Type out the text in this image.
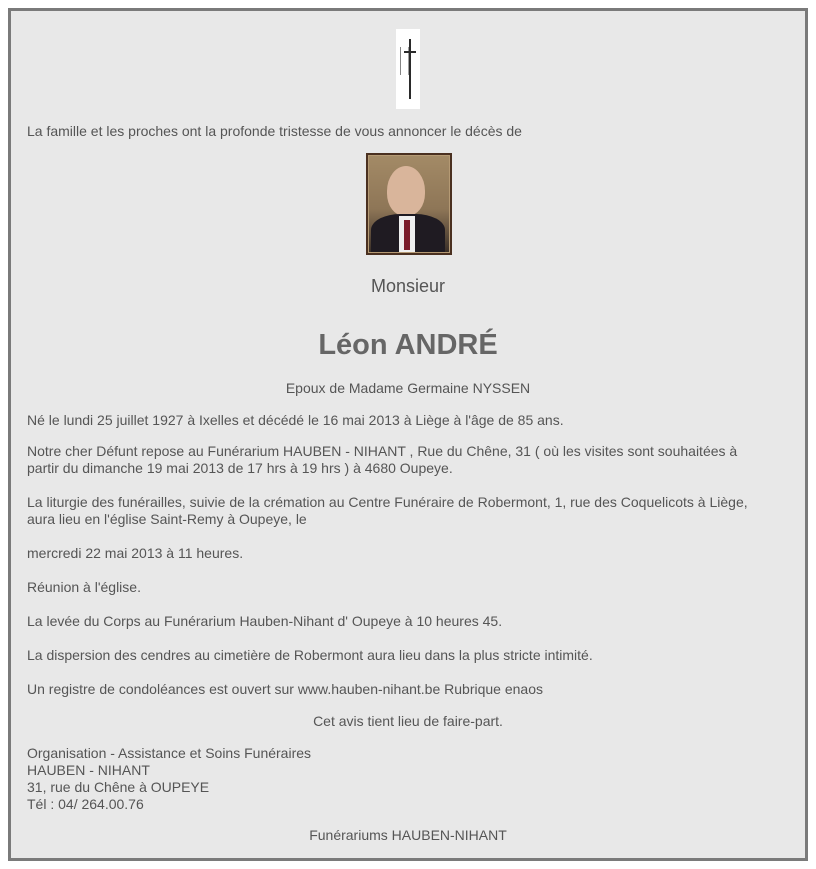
La famille et les proches ont la profonde tristesse de vous annoncer le décès de

Monsieur

Léon ANDRÉ

Epoux de Madame Germaine NYSSEN

Né le lundi 25 juillet 1927 à Ixelles et décédé le 16 mai 2013 à Liège à l'âge de 85 ans.

Notre cher Défunt repose au Funérarium HAUBEN - NIHANT , Rue du Chêne, 31 ( où les visites sont souhaitées à

partir du dimanche 19 mai 2013 de 17 hrs à 19 hrs ) à 4680 Oupeye.

La liturgie des funérailles, suivie de la crémation au Centre Funéraire de Robermont, 1, rue des Coquelicots à Liège,

aura lieu en l'église Saint-Remy à Oupeye, le

mercredi 22 mai 2013 à 11 heures.

Réunion à l'église.

La levée du Corps au Funérarium Hauben-Nihant d' Oupeye à 10 heures 45.

La dispersion des cendres au cimetière de Robermont aura lieu dans la plus stricte intimité.

Un registre de condoléances est ouvert sur www.hauben-nihant.be Rubrique enaos

Cet avis tient lieu de faire-part.

Organisation - Assistance et Soins Funéraires

HAUBEN - NIHANT

31, rue du Chêne à OUPEYE

Tél : 04/ 264.00.76

Funérariums HAUBEN-NIHANT
